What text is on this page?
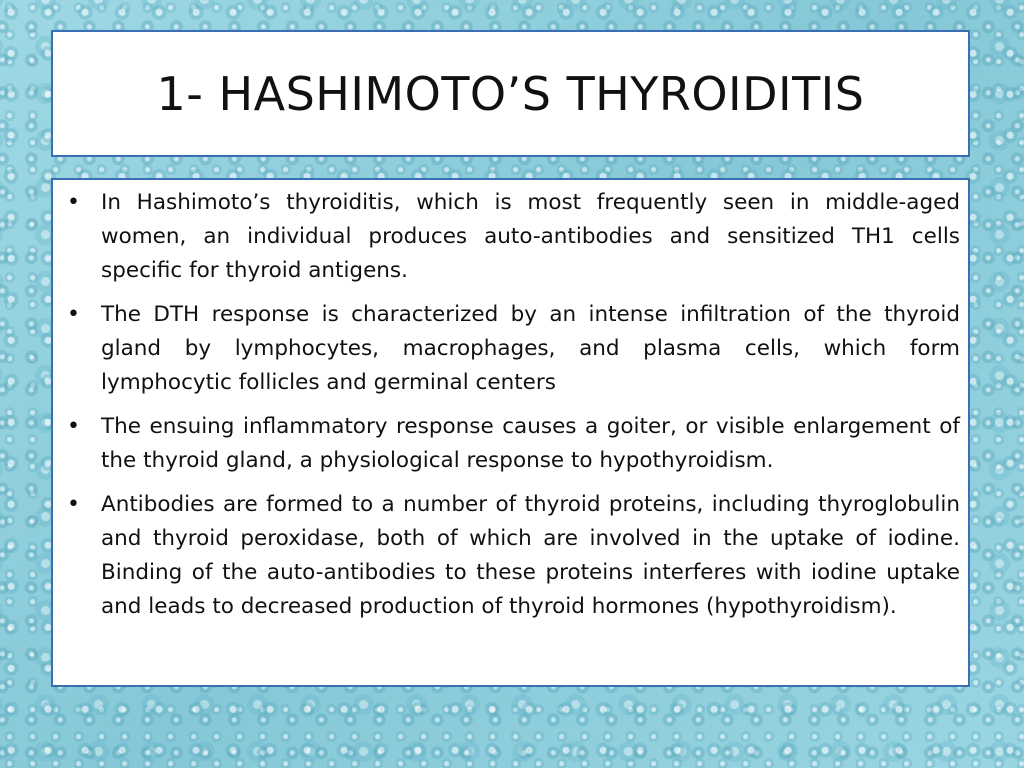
1- HASHIMOTO’S THYROIDITIS
• In Hashimoto’s thyroiditis, which is most frequently seen in middle-aged women, an individual produces auto-antibodies and sensitized TH1 cells specific for thyroid antigens.
• The DTH response is characterized by an intense infiltration of the thyroid gland by lymphocytes, macrophages, and plasma cells, which form lymphocytic follicles and germinal centers
• The ensuing inflammatory response causes a goiter, or visible enlargement of the thyroid gland, a physiological response to hypothyroidism.
• Antibodies are formed to a number of thyroid proteins, including thyroglobulin and thyroid peroxidase, both of which are involved in the uptake of iodine. Binding of the auto-antibodies to these proteins interferes with iodine uptake and leads to decreased production of thyroid hormones (hypothyroidism).
